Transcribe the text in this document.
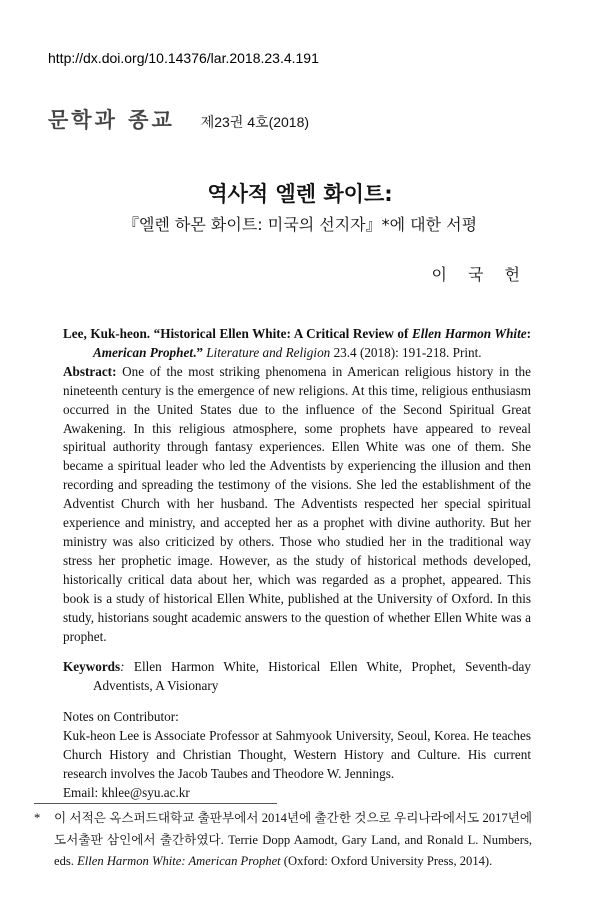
http://dx.doi.org/10.14376/lar.2018.23.4.191
문학과 종교 제23권 4호(2018)
역사적 엘렌 화이트:
『엘렌 하몬 화이트: 미국의 선지자』*에 대한 서평
이 국 헌

Lee, Kuk-heon. “Historical Ellen White: A Critical Review of Ellen Harmon White: American Prophet.” Literature and Religion 23.4 (2018): 191-218. Print.

Abstract: One of the most striking phenomena in American religious history in the nineteenth century is the emergence of new religions. At this time, religious enthusiasm occurred in the United States due to the influence of the Second Spiritual Great Awakening. In this religious atmosphere, some prophets have appeared to reveal spiritual authority through fantasy experiences. Ellen White was one of them. She became a spiritual leader who led the Adventists by experiencing the illusion and then recording and spreading the testimony of the visions. She led the establishment of the Adventist Church with her husband. The Adventists respected her special spiritual experience and ministry, and accepted her as a prophet with divine authority. But her ministry was also criticized by others. Those who studied her in the traditional way stress her prophetic image. However, as the study of historical methods developed, historically critical data about her, which was regarded as a prophet, appeared. This book is a study of historical Ellen White, published at the University of Oxford. In this study, historians sought academic answers to the question of whether Ellen White was a prophet.

Keywords: Ellen Harmon White, Historical Ellen White, Prophet, Seventh-day Adventists, A Visionary

Notes on Contributor:

Kuk-heon Lee is Associate Professor at Sahmyook University, Seoul, Korea. He teaches Church History and Christian Thought, Western History and Culture. His current research involves the Jacob Taubes and Theodore W. Jennings.

Email: khlee@syu.ac.kr

*	이 서적은 옥스퍼드대학교 출판부에서 2014년에 출간한 것으로 우리나라에서도 2017년에 도서출판 삼인에서 출간하였다. Terrie Dopp Aamodt, Gary Land, and Ronald L. Numbers, eds. Ellen Harmon White: American Prophet (Oxford: Oxford University Press, 2014).
